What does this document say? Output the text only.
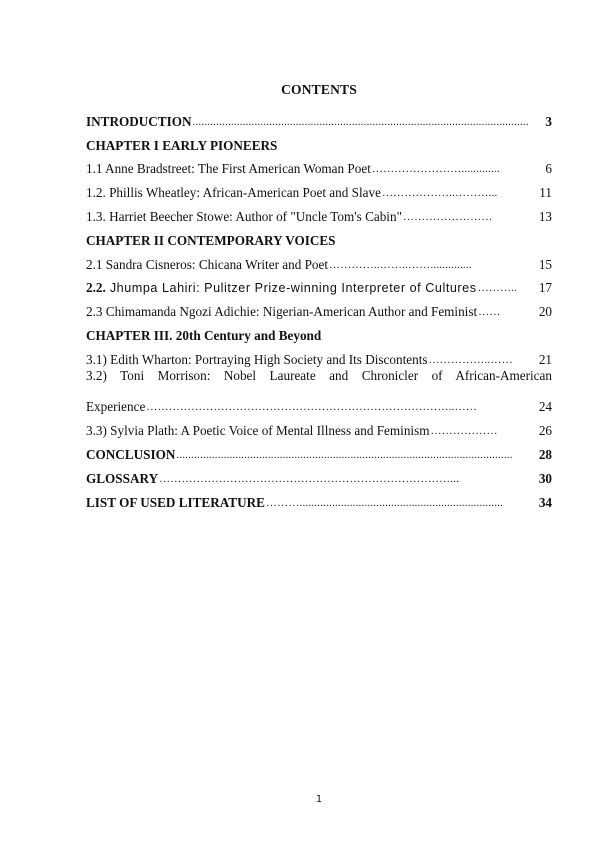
CONTENTS
INTRODUCTION ..................................................................................................................	3
CHAPTER I EARLY PIONEERS
1.1 Anne Bradstreet: The First American Woman Poet …………………….............	6
1.2. Phillis Wheatley: African-American Poet and Slave ………………..………...	11
1.3. Harriet Beecher Stowe: Author of "Uncle Tom's Cabin" ……………………	13
CHAPTER II CONTEMPORARY VOICES
2.1 Sandra Cisneros: Chicana Writer and Poet …………..……..……..............	15
2.2. Jhumpa Lahiri: Pulitzer Prize-winning Interpreter of Cultures ………..	17
2.3 Chimamanda Ngozi Adichie: Nigerian-American Author and Feminist ……	20
CHAPTER III. 20th Century and Beyond
3.1) Edith Wharton: Portraying High Society and Its Discontents ……………..……	21
3.2) Toni Morrison: Nobel Laureate and Chronicler of African-American
Experience ………………………………………………………………………..……	24
3.3) Sylvia Plath: A Poetic Voice of Mental Illness and Feminism ………………	26
CONCLUSION ..................................................................................................................	28
GLOSSARY ……………………………………………………………………...	30
LIST OF USED LITERATURE ……….....................................................................	34
1
